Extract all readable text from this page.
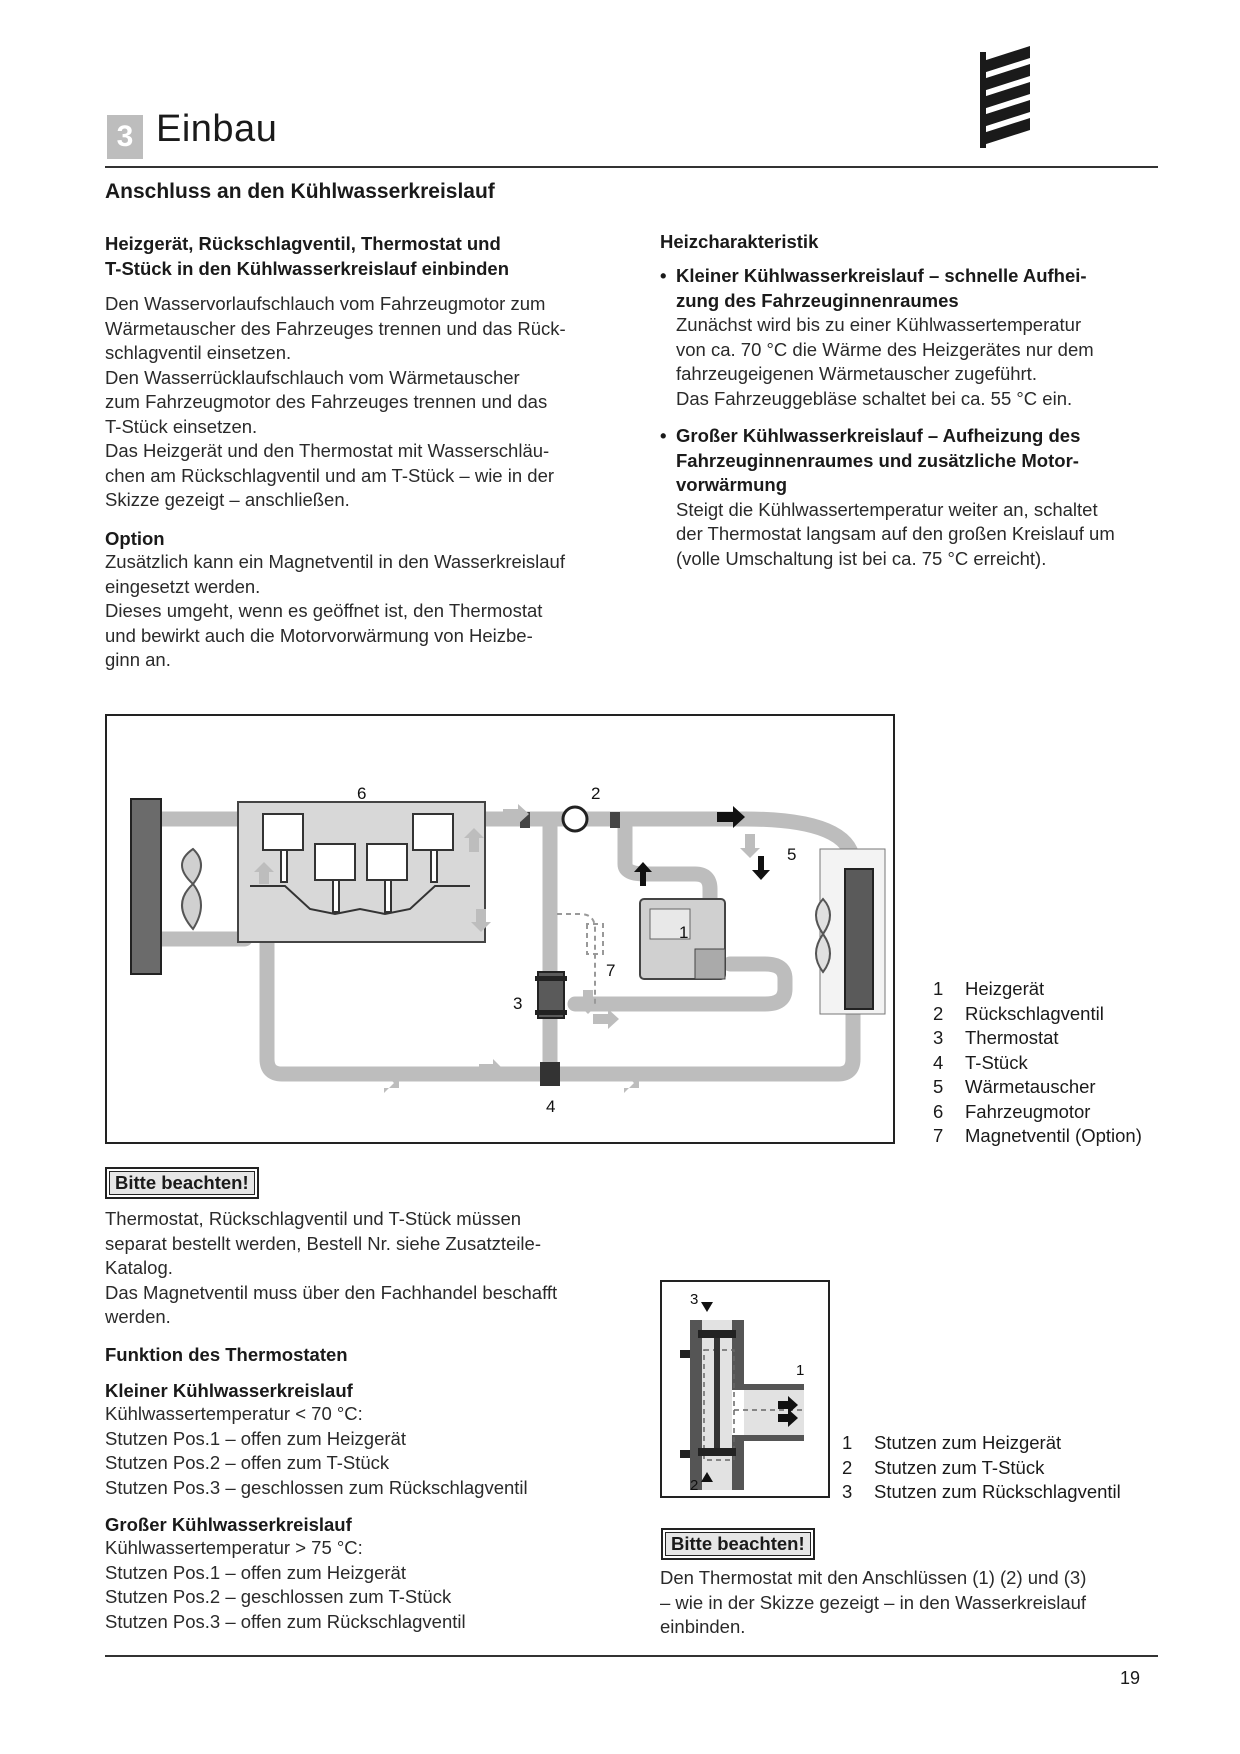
3 Einbau
Anschluss an den Kühlwasserkreislauf
Heizgerät, Rückschlagventil, Thermostat und
T-Stück in den Kühlwasserkreislauf einbinden
Den Wasservorlaufschlauch vom Fahrzeugmotor zum
Wärmetauscher des Fahrzeuges trennen und das Rück-
schlagventil einsetzen.
Den Wasserrücklaufschlauch vom Wärmetauscher
zum Fahrzeugmotor des Fahrzeuges trennen und das
T-Stück einsetzen.
Das Heizgerät und den Thermostat mit Wasserschläu-
chen am Rückschlagventil und am T-Stück – wie in der
Skizze gezeigt – anschließen.
Option
Zusätzlich kann ein Magnetventil in den Wasserkreislauf
eingesetzt werden.
Dieses umgeht, wenn es geöffnet ist, den Thermostat
und bewirkt auch die Motorvorwärmung von Heizbe-
ginn an.
Heizcharakteristik
• Kleiner Kühlwasserkreislauf – schnelle Aufhei-
zung des Fahrzeuginnenraumes
Zunächst wird bis zu einer Kühlwassertemperatur
von ca. 70 °C die Wärme des Heizgerätes nur dem
fahrzeugeigenen Wärmetauscher zugeführt.
Das Fahrzeuggebläse schaltet bei ca. 55 °C ein.
• Großer Kühlwasserkreislauf – Aufheizung des
Fahrzeuginnenraumes und zusätzliche Motor-
vorwärmung
Steigt die Kühlwassertemperatur weiter an, schaltet
der Thermostat langsam auf den großen Kreislauf um
(volle Umschaltung ist bei ca. 75 °C erreicht).
1
2
3
4
5
6
7
1 Heizgerät
2 Rückschlagventil
3 Thermostat
4 T-Stück
5 Wärmetauscher
6 Fahrzeugmotor
7 Magnetventil (Option)
Bitte beachten!
Thermostat, Rückschlagventil und T-Stück müssen
separat bestellt werden, Bestell Nr. siehe Zusatzteile-
Katalog.
Das Magnetventil muss über den Fachhandel beschafft
werden.
Funktion des Thermostaten
Kleiner Kühlwasserkreislauf
Kühlwassertemperatur < 70 °C:
Stutzen Pos.1 – offen zum Heizgerät
Stutzen Pos.2 – offen zum T-Stück
Stutzen Pos.3 – geschlossen zum Rückschlagventil
Großer Kühlwasserkreislauf
Kühlwassertemperatur > 75 °C:
Stutzen Pos.1 – offen zum Heizgerät
Stutzen Pos.2 – geschlossen zum T-Stück
Stutzen Pos.3 – offen zum Rückschlagventil
3
1
2
1 Stutzen zum Heizgerät
2 Stutzen zum T-Stück
3 Stutzen zum Rückschlagventil
Bitte beachten!
Den Thermostat mit den Anschlüssen (1) (2) und (3)
– wie in der Skizze gezeigt – in den Wasserkreislauf
einbinden.
19
